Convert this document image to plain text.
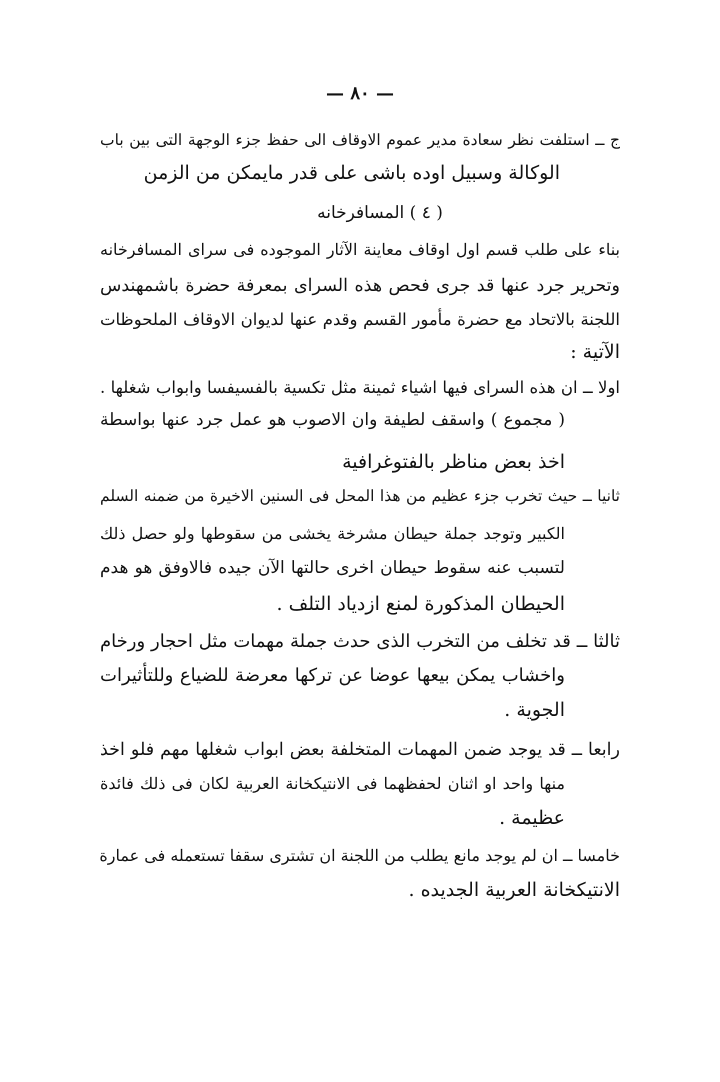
— ٨٠ —
ج ــ استلفت نظر سعادة مدير عموم الاوقاف الى حفظ جزء الوجهة التى بين باب
الوكالة وسبيل اوده باشى على قدر مايمكن من الزمن
( ٤ ) المسافرخانه
بناء على طلب قسم اول اوقاف معاينة الآثار الموجوده فى سراى المسافرخانه
وتحرير جرد عنها قد جرى فحص هذه السراى بمعرفة حضرة باشمهندس
اللجنة بالاتحاد مع حضرة مأمور القسم وقدم عنها لديوان الاوقاف الملحوظات
الآتية :
اولا ــ ان هذه السراى فيها اشياء ثمينة مثل تكسية بالفسيفسا وابواب شغلها .
( مجموع ) واسقف لطيفة وان الاصوب هو عمل جرد عنها بواسطة
اخذ بعض مناظر بالفتوغرافية
ثانيا ــ حيث تخرب جزء عظيم من هذا المحل فى السنين الاخيرة من ضمنه السلم
الكبير وتوجد جملة حيطان مشرخة يخشى من سقوطها ولو حصل ذلك
لتسبب عنه سقوط حيطان اخرى حالتها الآن جيده فالاوفق هو هدم
الحيطان المذكورة لمنع ازدياد التلف .
ثالثا ــ قد تخلف من التخرب الذى حدث جملة مهمات مثل احجار ورخام
واخشاب يمكن بيعها عوضا عن تركها معرضة للضياع وللتأثيرات
الجوية .
رابعا ــ قد يوجد ضمن المهمات المتخلفة بعض ابواب شغلها مهم فلو اخذ
منها واحد او اثنان لحفظهما فى الانتيكخانة العربية لكان فى ذلك فائدة
عظيمة .
خامسا ــ ان لم يوجد مانع يطلب من اللجنة ان تشترى سقفا تستعمله فى عمارة
الانتيكخانة العربية الجديده .
